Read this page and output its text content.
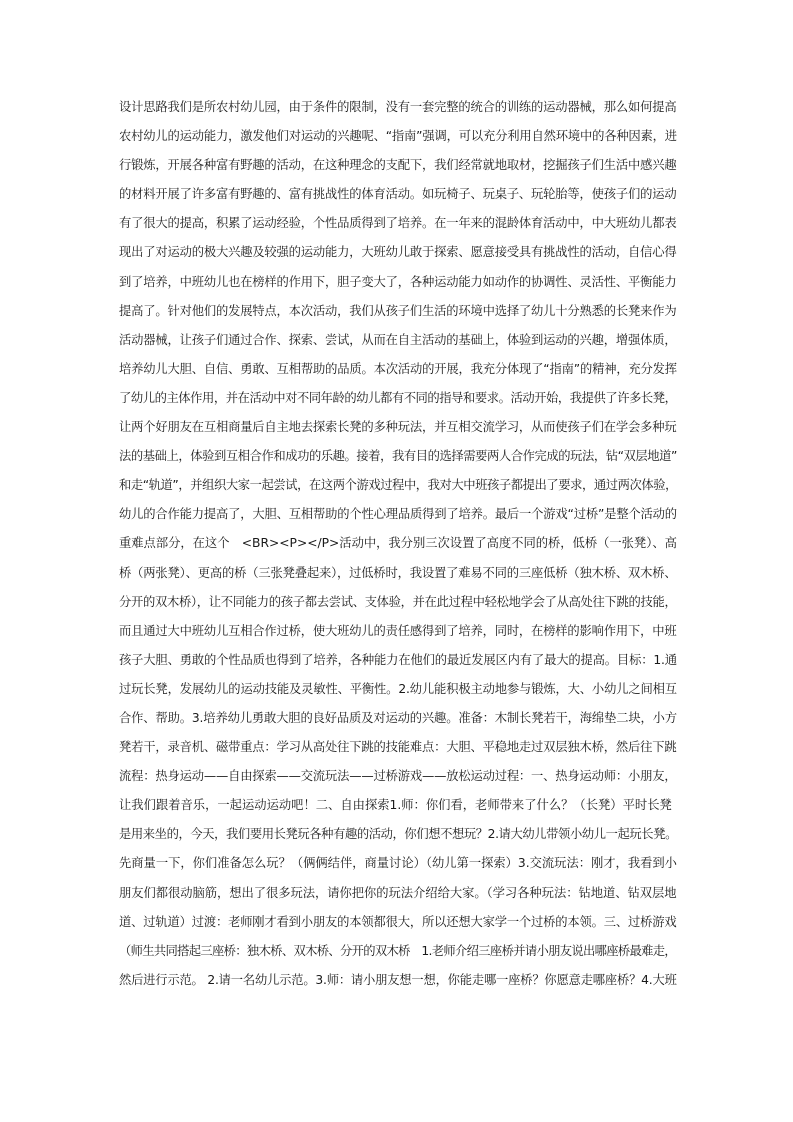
设计思路我们是所农村幼儿园，由于条件的限制，没有一套完整的统合的训练的运动器械，那么如何提高
农村幼儿的运动能力，激发他们对运动的兴趣呢、“指南”强调，可以充分利用自然环境中的各种因素，进
行锻炼，开展各种富有野趣的活动，在这种理念的支配下，我们经常就地取材，挖掘孩子们生活中感兴趣
的材料开展了许多富有野趣的、富有挑战性的体育活动。如玩椅子、玩桌子、玩轮胎等，使孩子们的运动
有了很大的提高，积累了运动经验，个性品质得到了培养。在一年来的混龄体育活动中，中大班幼儿都表
现出了对运动的极大兴趣及较强的运动能力，大班幼儿敢于探索、愿意接受具有挑战性的活动，自信心得
到了培养，中班幼儿也在榜样的作用下，胆子变大了，各种运动能力如动作的协调性、灵活性、平衡能力
提高了。针对他们的发展特点，本次活动，我们从孩子们生活的环境中选择了幼儿十分熟悉的长凳来作为
活动器械，让孩子们通过合作、探索、尝试，从而在自主活动的基础上，体验到运动的兴趣，增强体质，
培养幼儿大胆、自信、勇敢、互相帮助的品质。本次活动的开展，我充分体现了“指南”的精神，充分发挥
了幼儿的主体作用，并在活动中对不同年龄的幼儿都有不同的指导和要求。活动开始，我提供了许多长凳，
让两个好朋友在互相商量后自主地去探索长凳的多种玩法，并互相交流学习，从而使孩子们在学会多种玩
法的基础上，体验到互相合作和成功的乐趣。接着，我有目的选择需要两人合作完成的玩法，钻“双层地道”
和走“轨道”，并组织大家一起尝试，在这两个游戏过程中，我对大中班孩子都提出了要求，通过两次体验，
幼儿的合作能力提高了，大胆、互相帮助的个性心理品质得到了培养。最后一个游戏“过桥”是整个活动的
重难点部分，在这个　<BR><P></P>活动中，我分别三次设置了高度不同的桥，低桥（一张凳）、高
桥（两张凳）、更高的桥（三张凳叠起来），过低桥时，我设置了难易不同的三座低桥（独木桥、双木桥、
分开的双木桥），让不同能力的孩子都去尝试、支体验，并在此过程中轻松地学会了从高处往下跳的技能，
而且通过大中班幼儿互相合作过桥，使大班幼儿的责任感得到了培养，同时，在榜样的影响作用下，中班
孩子大胆、勇敢的个性品质也得到了培养，各种能力在他们的最近发展区内有了最大的提高。目标：1.通
过玩长凳，发展幼儿的运动技能及灵敏性、平衡性。2.幼儿能积极主动地参与锻炼，大、小幼儿之间相互
合作、帮助。3.培养幼儿勇敢大胆的良好品质及对运动的兴趣。准备：木制长凳若干，海绵垫二块，小方
凳若干，录音机、磁带重点：学习从高处往下跳的技能难点：大胆、平稳地走过双层独木桥，然后往下跳
流程：热身运动——自由探索——交流玩法——过桥游戏——放松运动过程：一、热身运动师：小朋友，
让我们跟着音乐，一起运动运动吧！二、自由探索1.师：你们看，老师带来了什么？（长凳）平时长凳
是用来坐的，今天，我们要用长凳玩各种有趣的活动，你们想不想玩？2.请大幼儿带领小幼儿一起玩长凳。
先商量一下，你们准备怎么玩？（俩俩结伴，商量讨论）（幼儿第一探索）3.交流玩法：刚才，我看到小
朋友们都很动脑筋，想出了很多玩法，请你把你的玩法介绍给大家。（学习各种玩法：钻地道、钻双层地
道、过轨道）过渡：老师刚才看到小朋友的本领都很大，所以还想大家学一个过桥的本领。三、过桥游戏
（师生共同搭起三座桥：独木桥、双木桥、分开的双木桥　1.老师介绍三座桥并请小朋友说出哪座桥最难走，
然后进行示范。 2.请一名幼儿示范。3.师：请小朋友想一想，你能走哪一座桥？你愿意走哪座桥？4.大班
